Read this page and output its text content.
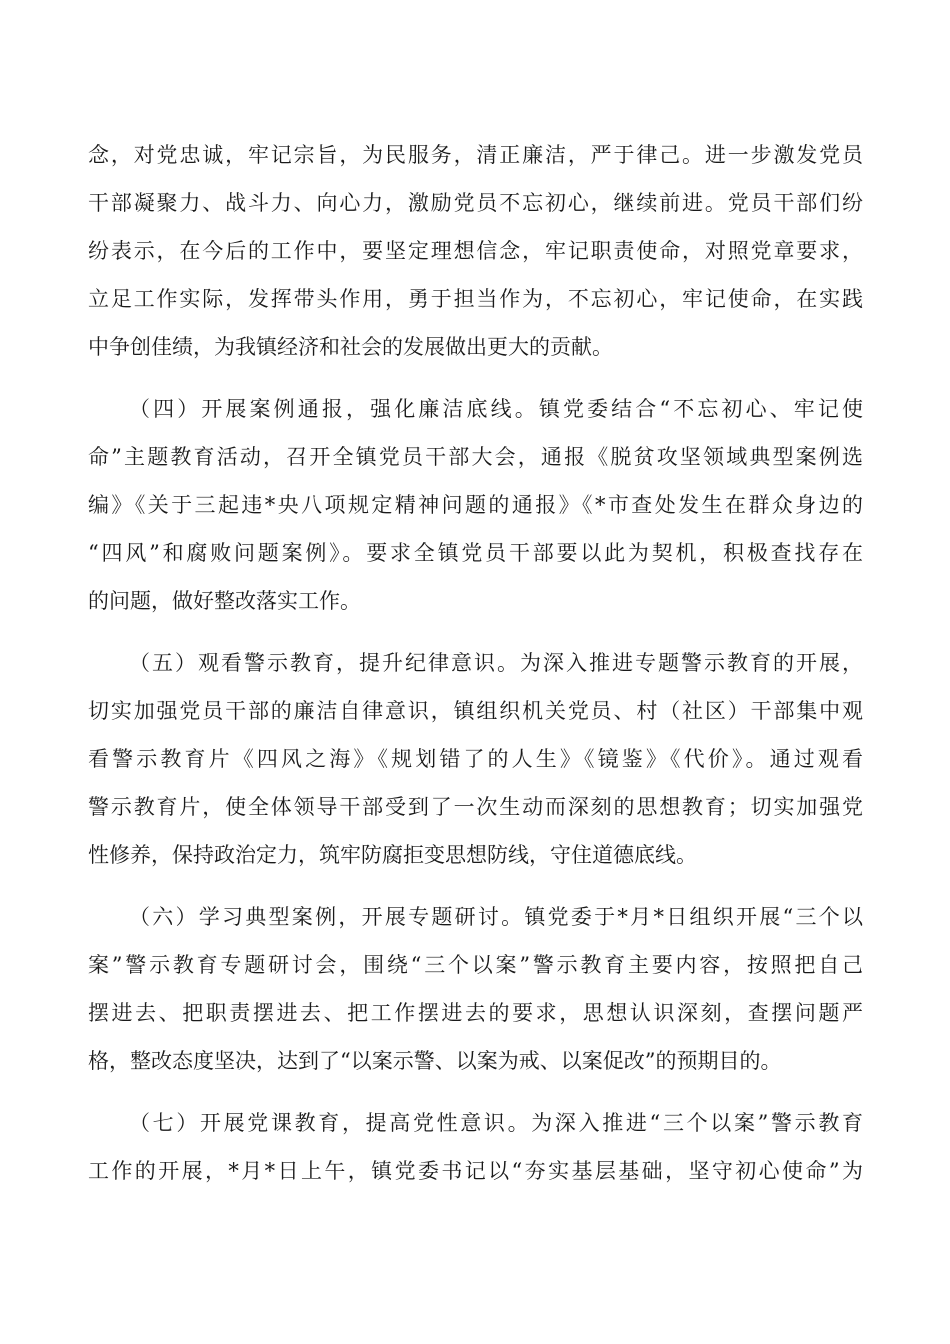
念，对党忠诚，牢记宗旨，为民服务，清正廉洁，严于律己。进一步激发党员
干部凝聚力、战斗力、向心力，激励党员不忘初心，继续前进。党员干部们纷
纷表示，在今后的工作中，要坚定理想信念，牢记职责使命，对照党章要求，
立足工作实际，发挥带头作用，勇于担当作为，不忘初心，牢记使命，在实践
中争创佳绩，为我镇经济和社会的发展做出更大的贡献。
（四）开展案例通报，强化廉洁底线。镇党委结合“不忘初心、牢记使
命”主题教育活动，召开全镇党员干部大会，通报《脱贫攻坚领域典型案例选
编》《关于三起违*央八项规定精神问题的通报》《*市查处发生在群众身边的
“四风”和腐败问题案例》。要求全镇党员干部要以此为契机，积极查找存在
的问题，做好整改落实工作。
（五）观看警示教育，提升纪律意识。为深入推进专题警示教育的开展，
切实加强党员干部的廉洁自律意识，镇组织机关党员、村（社区）干部集中观
看警示教育片《四风之海》《规划错了的人生》《镜鉴》《代价》。通过观看
警示教育片，使全体领导干部受到了一次生动而深刻的思想教育；切实加强党
性修养，保持政治定力，筑牢防腐拒变思想防线，守住道德底线。
（六）学习典型案例，开展专题研讨。镇党委于*月*日组织开展“三个以
案”警示教育专题研讨会，围绕“三个以案”警示教育主要内容，按照把自己
摆进去、把职责摆进去、把工作摆进去的要求，思想认识深刻，查摆问题严
格，整改态度坚决，达到了“以案示警、以案为戒、以案促改”的预期目的。
（七）开展党课教育，提高党性意识。为深入推进“三个以案”警示教育
工作的开展，*月*日上午，镇党委书记以“夯实基层基础，坚守初心使命”为
